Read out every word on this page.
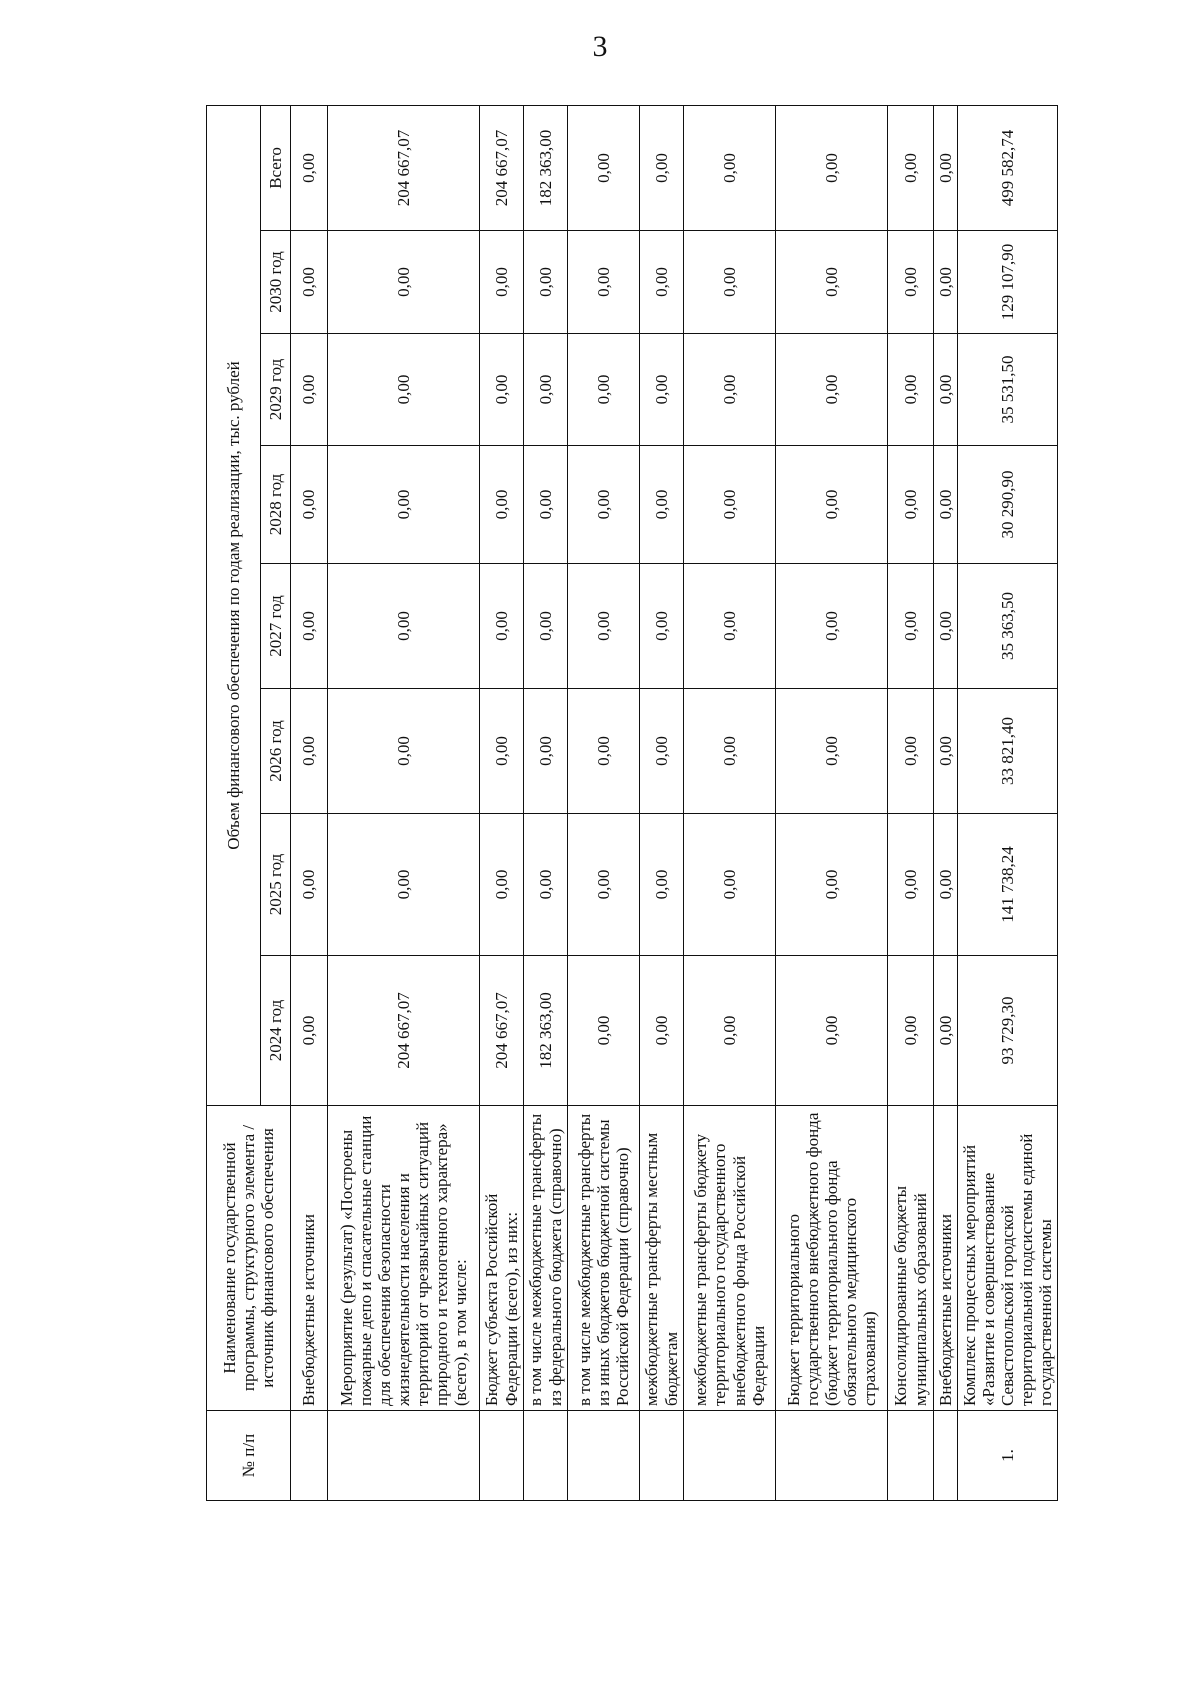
3
№ п/п	Наименование государственной программы, структурного элемента / источник финансового обеспечения	Объем финансового обеспечения по годам реализации, тыс. рублей							
		2024 год	2025 год	2026 год	2027 год	2028 год	2029 год	2030 год	Всего
	Внебюджетные источники	0,00	0,00	0,00	0,00	0,00	0,00	0,00	0,00
	Мероприятие (результат) «Построены пожарные депо и спасательные станции для обеспечения безопасности жизнедеятельности населения и территорий от чрезвычайных ситуаций природного и техногенного характера» (всего), в том числе:	204 667,07	0,00	0,00	0,00	0,00	0,00	0,00	204 667,07
	Бюджет субъекта Российской Федерации (всего), из них:	204 667,07	0,00	0,00	0,00	0,00	0,00	0,00	204 667,07
	в том числе межбюджетные трансферты из федерального бюджета (справочно)	182 363,00	0,00	0,00	0,00	0,00	0,00	0,00	182 363,00
	в том числе межбюджетные трансферты из иных бюджетов бюджетной системы Российской Федерации (справочно)	0,00	0,00	0,00	0,00	0,00	0,00	0,00	0,00
	межбюджетные трансферты местным бюджетам	0,00	0,00	0,00	0,00	0,00	0,00	0,00	0,00
	межбюджетные трансферты бюджету территориального государственного внебюджетного фонда Российской Федерации	0,00	0,00	0,00	0,00	0,00	0,00	0,00	0,00
	Бюджет территориального государственного внебюджетного фонда (бюджет территориального фонда обязательного медицинского страхования)	0,00	0,00	0,00	0,00	0,00	0,00	0,00	0,00
	Консолидированные бюджеты муниципальных образований	0,00	0,00	0,00	0,00	0,00	0,00	0,00	0,00
	Внебюджетные источники	0,00	0,00	0,00	0,00	0,00	0,00	0,00	0,00
1.	Комплекс процессных мероприятий «Развитие и совершенствование Севастопольской городской территориальной подсистемы единой государственной системы	93 729,30	141 738,24	33 821,40	35 363,50	30 290,90	35 531,50	129 107,90	499 582,74
